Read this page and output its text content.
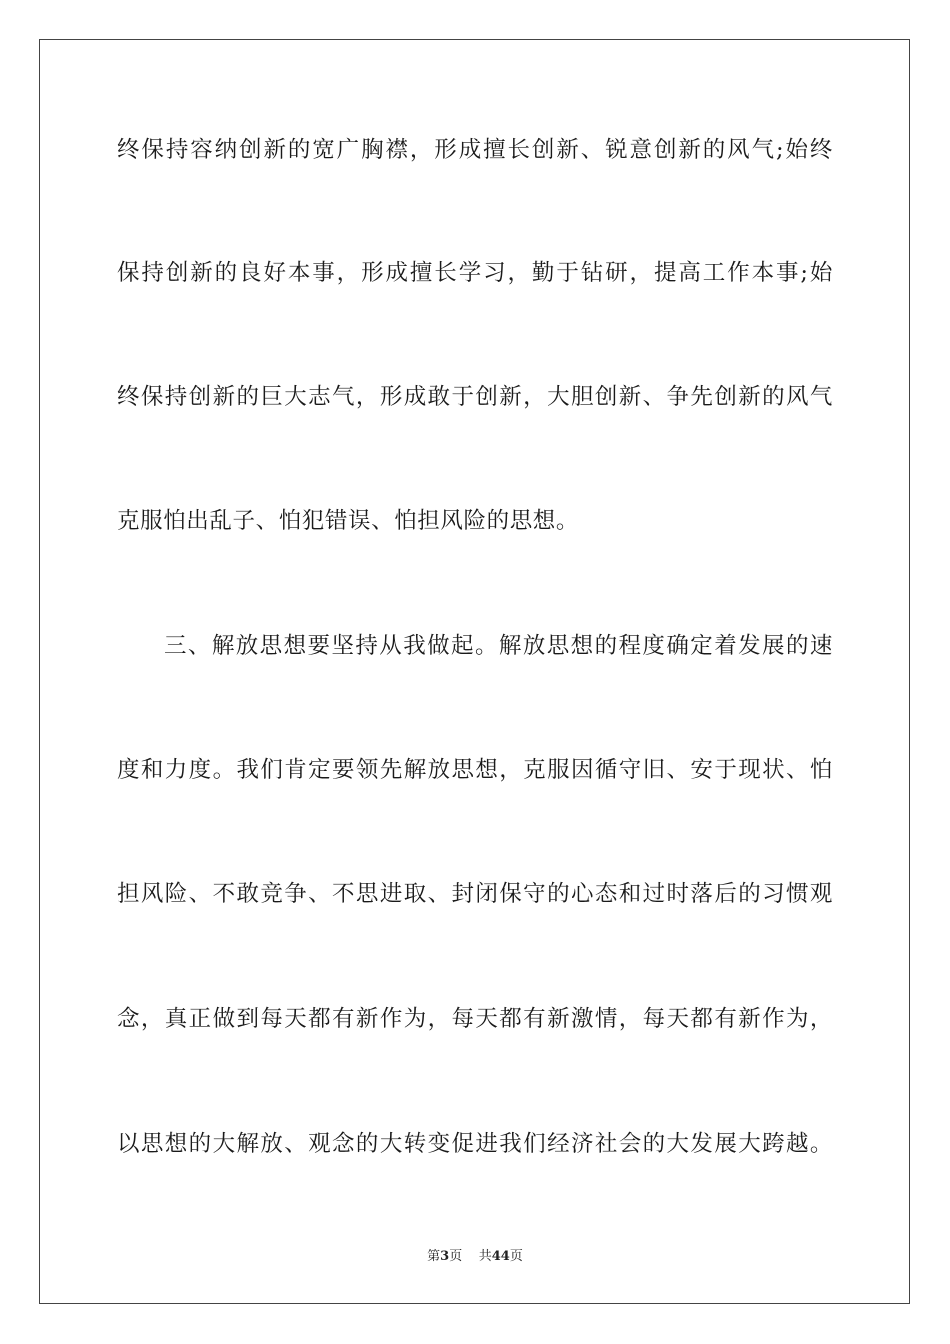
终保持容纳创新的宽广胸襟，形成擅长创新、锐意创新的风气;始终
保持创新的良好本事，形成擅长学习，勤于钻研，提高工作本事;始
终保持创新的巨大志气，形成敢于创新，大胆创新、争先创新的风气
克服怕出乱子、怕犯错误、怕担风险的思想。
三、解放思想要坚持从我做起。解放思想的程度确定着发展的速
度和力度。我们肯定要领先解放思想，克服因循守旧、安于现状、怕
担风险、不敢竞争、不思进取、封闭保守的心态和过时落后的习惯观
念，真正做到每天都有新作为，每天都有新激情，每天都有新作为，
以思想的大解放、观念的大转变促进我们经济社会的大发展大跨越。
第3页 共44页
